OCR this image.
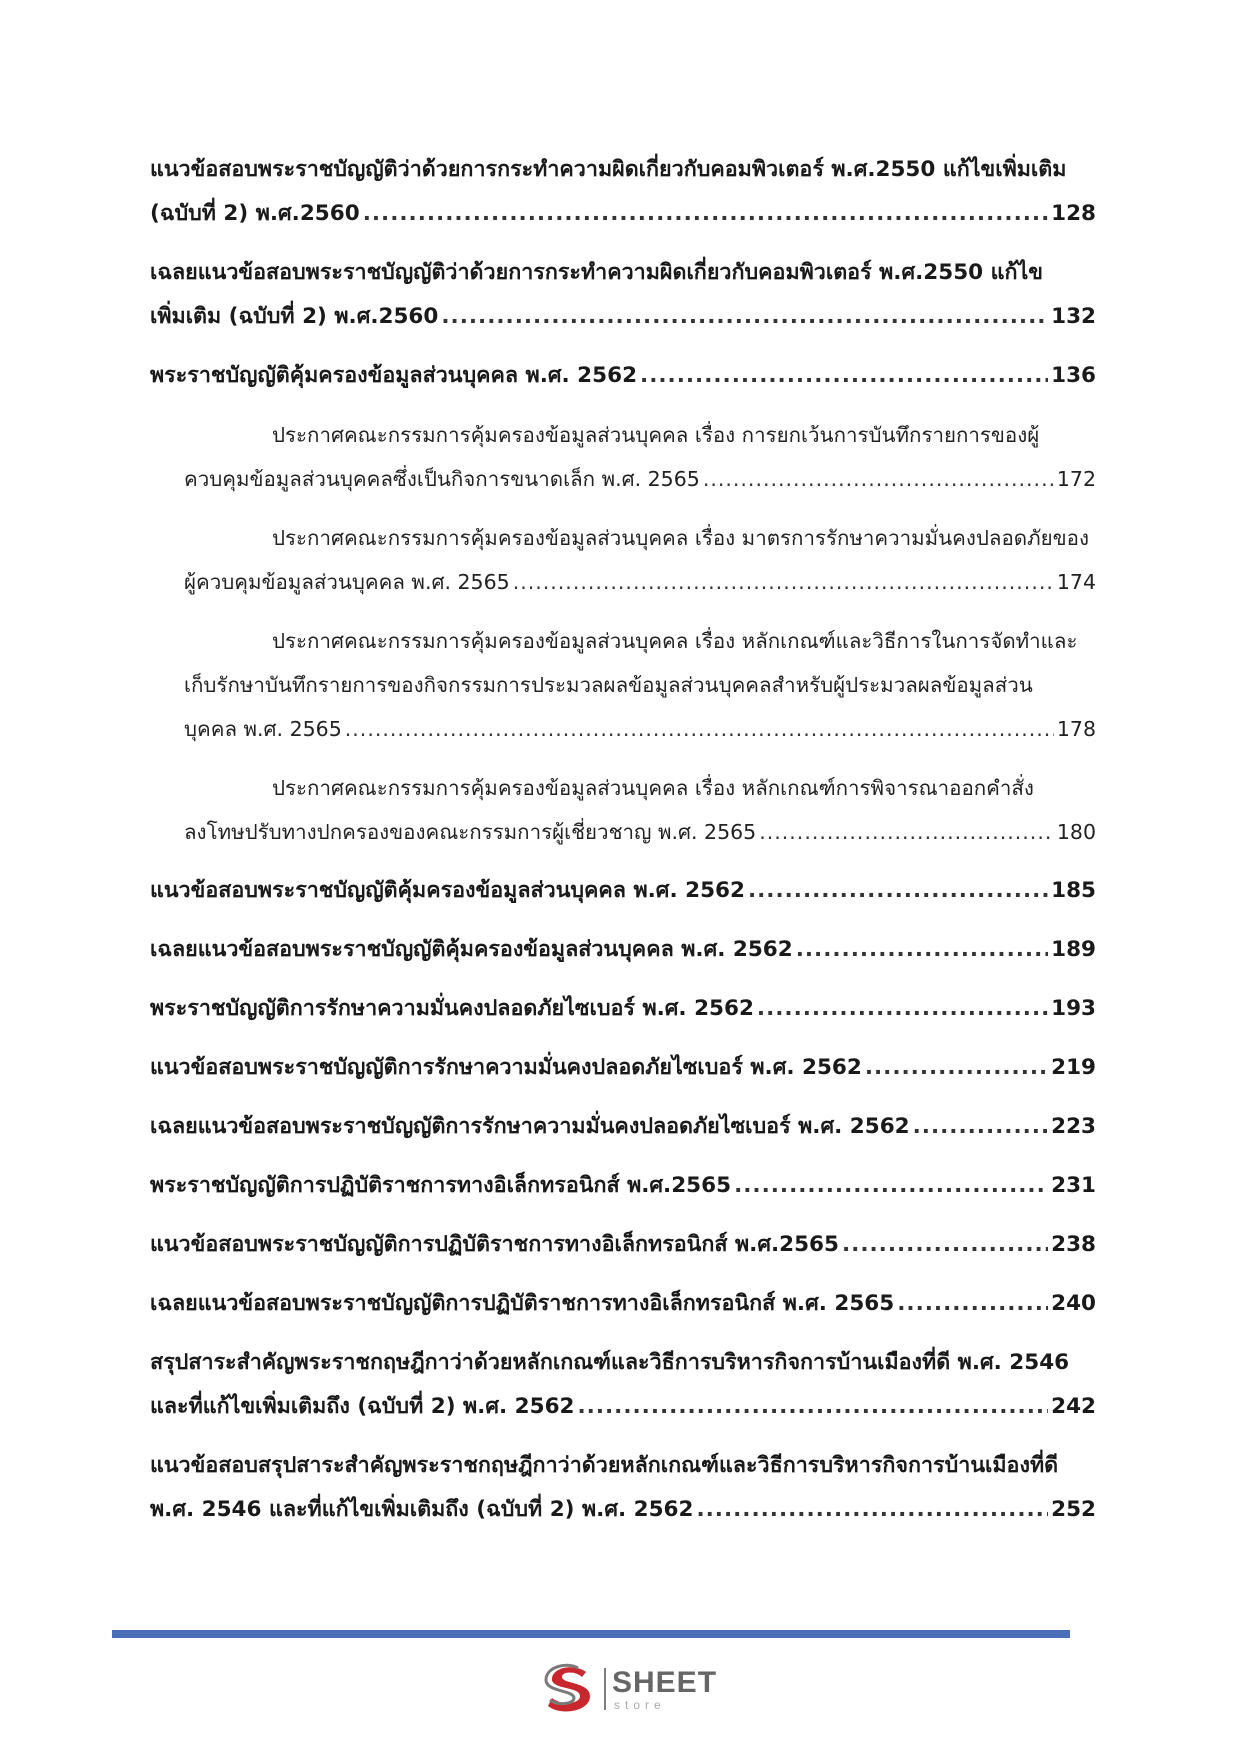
แนวข้อสอบพระราชบัญญัติว่าด้วยการกระทำความผิดเกี่ยวกับคอมพิวเตอร์ พ.ศ.2550 แก้ไขเพิ่มเติม
(ฉบับที่ 2) พ.ศ.2560 .....	128
เฉลยแนวข้อสอบพระราชบัญญัติว่าด้วยการกระทำความผิดเกี่ยวกับคอมพิวเตอร์ พ.ศ.2550 แก้ไข
เพิ่มเติม (ฉบับที่ 2) พ.ศ.2560 .....	132
พระราชบัญญัติคุ้มครองข้อมูลส่วนบุคคล พ.ศ. 2562 .....	136
ประกาศคณะกรรมการคุ้มครองข้อมูลส่วนบุคคล เรื่อง การยกเว้นการบันทึกรายการของผู้
ควบคุมข้อมูลส่วนบุคคลซึ่งเป็นกิจการขนาดเล็ก พ.ศ. 2565 .....	172
ประกาศคณะกรรมการคุ้มครองข้อมูลส่วนบุคคล เรื่อง มาตรการรักษาความมั่นคงปลอดภัยของ
ผู้ควบคุมข้อมูลส่วนบุคคล พ.ศ. 2565 .....	174
ประกาศคณะกรรมการคุ้มครองข้อมูลส่วนบุคคล เรื่อง หลักเกณฑ์และวิธีการในการจัดทำและ
เก็บรักษาบันทึกรายการของกิจกรรมการประมวลผลข้อมูลส่วนบุคคลสำหรับผู้ประมวลผลข้อมูลส่วน
บุคคล พ.ศ. 2565 .....	178
ประกาศคณะกรรมการคุ้มครองข้อมูลส่วนบุคคล เรื่อง หลักเกณฑ์การพิจารณาออกคำสั่ง
ลงโทษปรับทางปกครองของคณะกรรมการผู้เชี่ยวชาญ พ.ศ. 2565 .....	180
แนวข้อสอบพระราชบัญญัติคุ้มครองข้อมูลส่วนบุคคล พ.ศ. 2562 .....	185
เฉลยแนวข้อสอบพระราชบัญญัติคุ้มครองข้อมูลส่วนบุคคล พ.ศ. 2562 .....	189
พระราชบัญญัติการรักษาความมั่นคงปลอดภัยไซเบอร์ พ.ศ. 2562 .....	193
แนวข้อสอบพระราชบัญญัติการรักษาความมั่นคงปลอดภัยไซเบอร์ พ.ศ. 2562 .....	219
เฉลยแนวข้อสอบพระราชบัญญัติการรักษาความมั่นคงปลอดภัยไซเบอร์ พ.ศ. 2562 .....	223
พระราชบัญญัติการปฏิบัติราชการทางอิเล็กทรอนิกส์ พ.ศ.2565 .....	231
แนวข้อสอบพระราชบัญญัติการปฏิบัติราชการทางอิเล็กทรอนิกส์ พ.ศ.2565 .....	238
เฉลยแนวข้อสอบพระราชบัญญัติการปฏิบัติราชการทางอิเล็กทรอนิกส์ พ.ศ. 2565 .....	240
สรุปสาระสำคัญพระราชกฤษฎีกาว่าด้วยหลักเกณฑ์และวิธีการบริหารกิจการบ้านเมืองที่ดี พ.ศ. 2546
และที่แก้ไขเพิ่มเติมถึง (ฉบับที่ 2) พ.ศ. 2562 .....	242
แนวข้อสอบสรุปสาระสำคัญพระราชกฤษฎีกาว่าด้วยหลักเกณฑ์และวิธีการบริหารกิจการบ้านเมืองที่ดี
พ.ศ. 2546 และที่แก้ไขเพิ่มเติมถึง (ฉบับที่ 2) พ.ศ. 2562 .....	252
SHEET
store
